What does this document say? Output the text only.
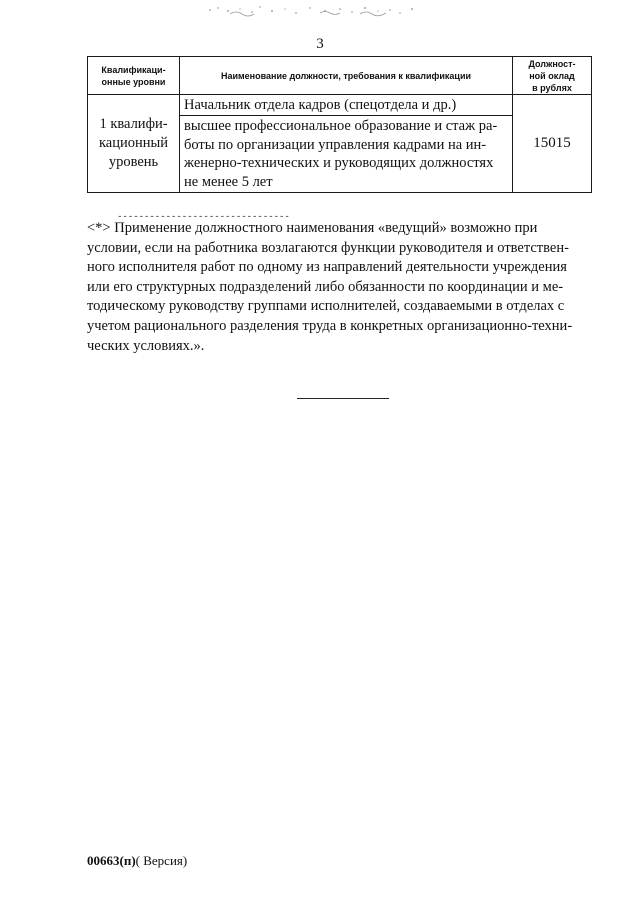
3
Квалификаци-
онные уровни	Наименование должности, требования к квалификации	Должност-
ной оклад
в рублях

1 квалифи-
кационный
уровень	Начальник отдела кадров (спецотдела и др.)
высшее профессиональное образование и стаж ра-
боты по организации управления кадрами на ин-
женерно-технических и руководящих должностях
не менее 5 лет	15015
--------------------------------
<*> Применение должностного наименования «ведущий» возможно при
условии, если на работника возлагаются функции руководителя и ответствен-
ного исполнителя работ по одному из направлений деятельности учреждения
или его структурных подразделений либо обязанности по координации и ме-
тодическому руководству группами исполнителей, создаваемыми в отделах с
учетом рационального разделения труда в конкретных организационно-техни-
ческих условиях.».
00663(п)( Версия)
